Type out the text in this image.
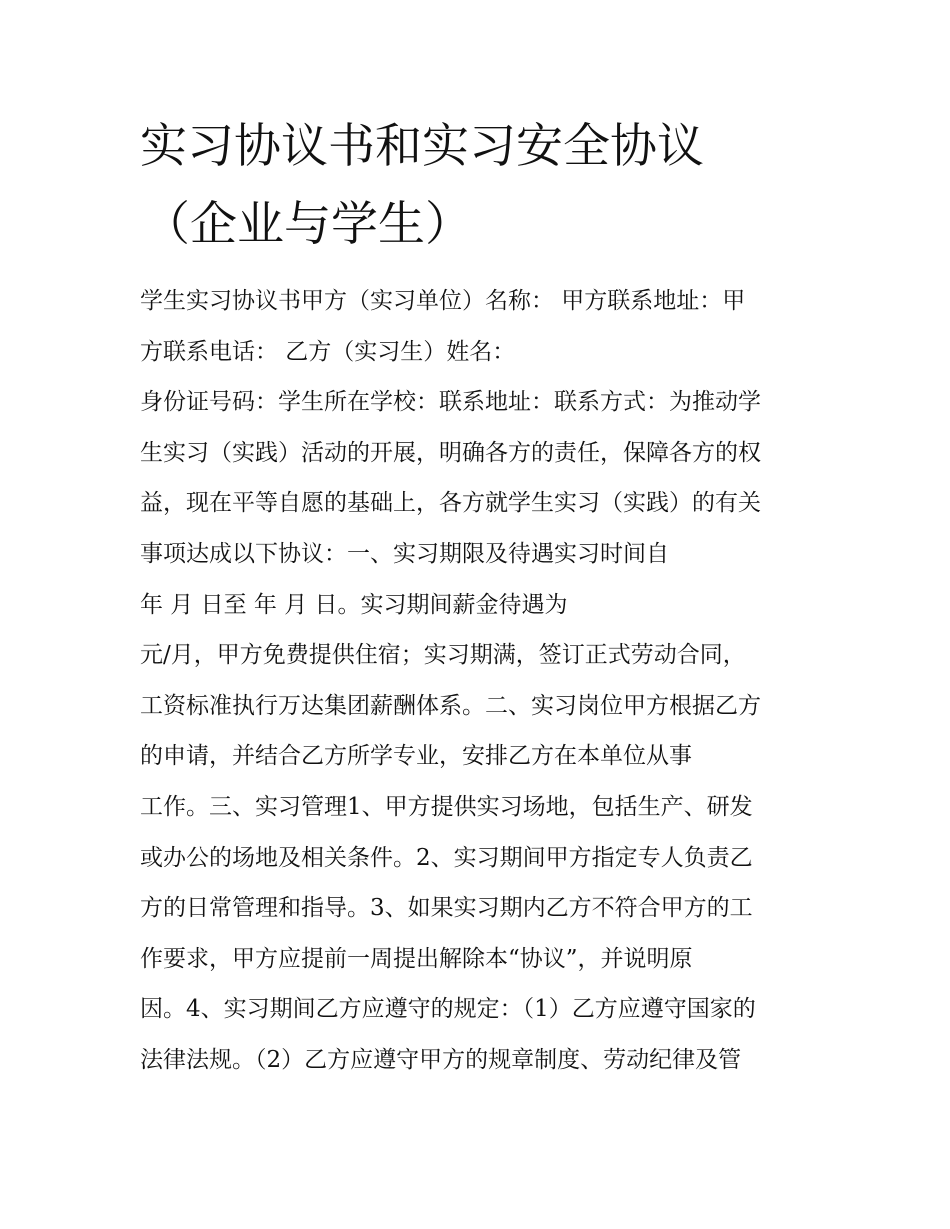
实习协议书和实习安全协议
（企业与学生）
学生实习协议书甲方（实习单位）名称： 甲方联系地址：甲
方联系电话： 乙方（实习生）姓名：
身份证号码：学生所在学校：联系地址：联系方式：为推动学
生实习（实践）活动的开展，明确各方的责任，保障各方的权
益，现在平等自愿的基础上，各方就学生实习（实践）的有关
事项达成以下协议：一、实习期限及待遇实习时间自
年 月 日至 年 月 日。实习期间薪金待遇为
元/月，甲方免费提供住宿；实习期满，签订正式劳动合同，
工资标准执行万达集团薪酬体系。二、实习岗位甲方根据乙方
的申请，并结合乙方所学专业，安排乙方在本单位从事
工作。三、实习管理1、甲方提供实习场地，包括生产、研发
或办公的场地及相关条件。2、实习期间甲方指定专人负责乙
方的日常管理和指导。3、如果实习期内乙方不符合甲方的工
作要求，甲方应提前一周提出解除本“协议”，并说明原
因。4、实习期间乙方应遵守的规定：（1）乙方应遵守国家的
法律法规。（2）乙方应遵守甲方的规章制度、劳动纪律及管
